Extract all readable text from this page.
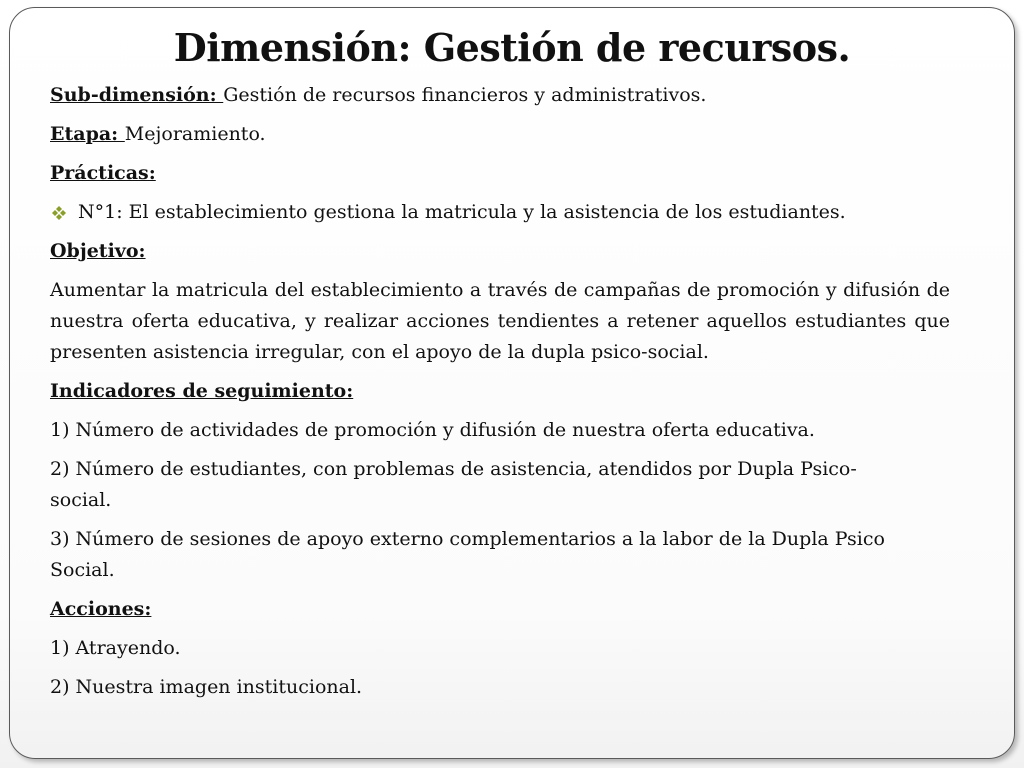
Dimensión: Gestión de recursos.

Sub-dimensión: Gestión de recursos financieros y administrativos.

Etapa: Mejoramiento.

Prácticas:

N°1: El establecimiento gestiona la matricula y la asistencia de los estudiantes.

Objetivo:

Aumentar la matricula del establecimiento a través de campañas de promoción y difusión de nuestra oferta educativa, y realizar acciones tendientes a retener aquellos estudiantes que presenten asistencia irregular, con el apoyo de la dupla psico-social.

Indicadores de seguimiento:

1) Número de actividades de promoción y difusión de nuestra oferta educativa.

2) Número de estudiantes, con problemas de asistencia, atendidos por Dupla Psico-social.

3) Número de sesiones de apoyo externo complementarios a la labor de la Dupla Psico Social.

Acciones:

1) Atrayendo.

2) Nuestra imagen institucional.
